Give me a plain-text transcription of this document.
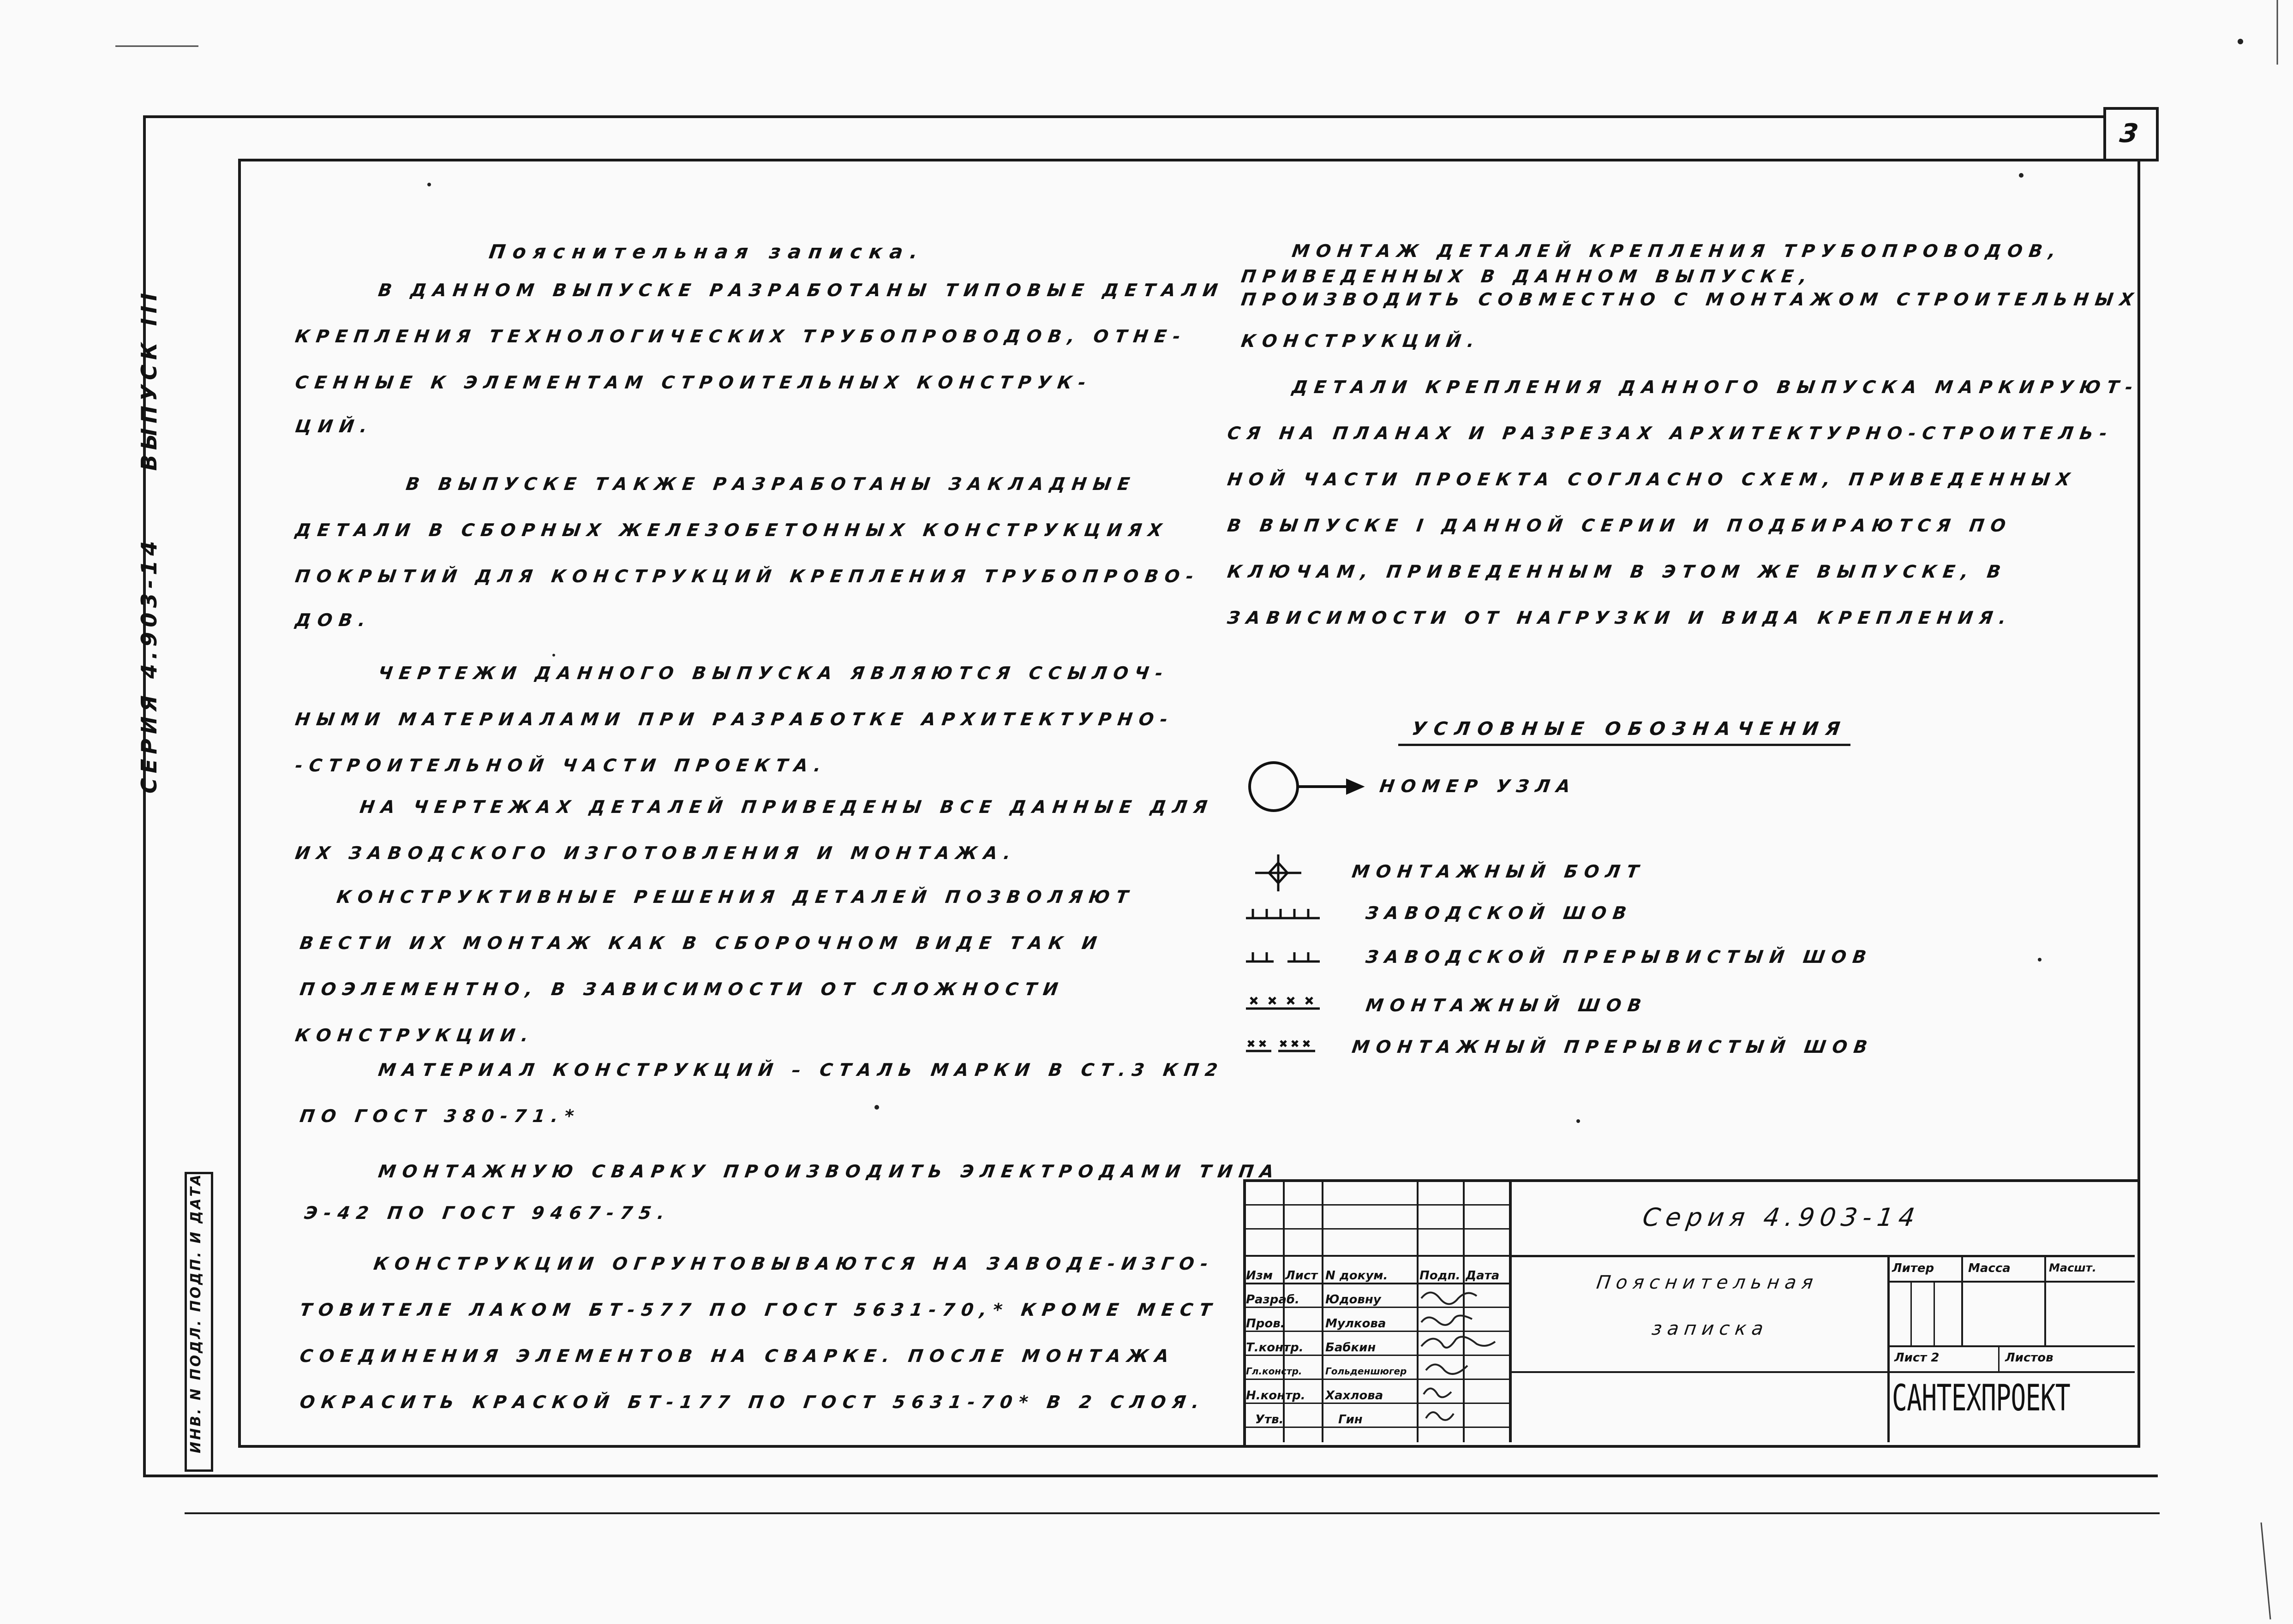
3
СЕРИЯ 4.903-14  ВЫПУСК III
ИНВ. N ПОДЛ. ПОДП. И ДАТА
Пояснительная записка.
В ДАННОМ ВЫПУСКЕ РАЗРАБОТАНЫ ТИПОВЫЕ ДЕТАЛИ
КРЕПЛЕНИЯ ТЕХНОЛОГИЧЕСКИХ ТРУБОПРОВОДОВ, ОТНЕ-
СЕННЫЕ К ЭЛЕМЕНТАМ СТРОИТЕЛЬНЫХ КОНСТРУК-
ЦИЙ.
В ВЫПУСКЕ ТАКЖЕ РАЗРАБОТАНЫ ЗАКЛАДНЫЕ
ДЕТАЛИ В СБОРНЫХ ЖЕЛЕЗОБЕТОННЫХ КОНСТРУКЦИЯХ
ПОКРЫТИЙ ДЛЯ КОНСТРУКЦИЙ КРЕПЛЕНИЯ ТРУБОПРОВО-
ДОВ.
ЧЕРТЕЖИ ДАННОГО ВЫПУСКА ЯВЛЯЮТСЯ ССЫЛОЧ-
НЫМИ МАТЕРИАЛАМИ ПРИ РАЗРАБОТКЕ АРХИТЕКТУРНО-
-СТРОИТЕЛЬНОЙ ЧАСТИ ПРОЕКТА.
НА ЧЕРТЕЖАХ ДЕТАЛЕЙ ПРИВЕДЕНЫ ВСЕ ДАННЫЕ ДЛЯ
ИХ ЗАВОДСКОГО ИЗГОТОВЛЕНИЯ И МОНТАЖА.
КОНСТРУКТИВНЫЕ РЕШЕНИЯ ДЕТАЛЕЙ ПОЗВОЛЯЮТ
ВЕСТИ ИХ МОНТАЖ КАК В СБОРОЧНОМ ВИДЕ ТАК И
ПОЭЛЕМЕНТНО, В ЗАВИСИМОСТИ ОТ СЛОЖНОСТИ
КОНСТРУКЦИИ.
МАТЕРИАЛ КОНСТРУКЦИЙ – СТАЛЬ МАРКИ В СТ.3 КП2
ПО ГОСТ 380-71.*
МОНТАЖНУЮ СВАРКУ ПРОИЗВОДИТЬ ЭЛЕКТРОДАМИ ТИПА
Э-42 ПО ГОСТ 9467-75.
КОНСТРУКЦИИ ОГРУНТОВЫВАЮТСЯ НА ЗАВОДЕ-ИЗГО-
ТОВИТЕЛЕ ЛАКОМ БТ-577 ПО ГОСТ 5631-70,* КРОМЕ МЕСТ
СОЕДИНЕНИЯ ЭЛЕМЕНТОВ НА СВАРКЕ. ПОСЛЕ МОНТАЖА
ОКРАСИТЬ КРАСКОЙ БТ-177 ПО ГОСТ 5631-70* В 2 СЛОЯ.
МОНТАЖ ДЕТАЛЕЙ КРЕПЛЕНИЯ ТРУБОПРОВОДОВ,
ПРИВЕДЕННЫХ В ДАННОМ ВЫПУСКЕ,
ПРОИЗВОДИТЬ СОВМЕСТНО С МОНТАЖОМ СТРОИТЕЛЬНЫХ
КОНСТРУКЦИЙ.
ДЕТАЛИ КРЕПЛЕНИЯ ДАННОГО ВЫПУСКА МАРКИРУЮТ-
СЯ НА ПЛАНАХ И РАЗРЕЗАХ АРХИТЕКТУРНО-СТРОИТЕЛЬ-
НОЙ ЧАСТИ ПРОЕКТА СОГЛАСНО СХЕМ, ПРИВЕДЕННЫХ
В ВЫПУСКЕ I ДАННОЙ СЕРИИ И ПОДБИРАЮТСЯ ПО
КЛЮЧАМ, ПРИВЕДЕННЫМ В ЭТОМ ЖЕ ВЫПУСКЕ, В
ЗАВИСИМОСТИ ОТ НАГРУЗКИ И ВИДА КРЕПЛЕНИЯ.
УСЛОВНЫЕ ОБОЗНАЧЕНИЯ
НОМЕР УЗЛА
МОНТАЖНЫЙ БОЛТ
ЗАВОДСКОЙ ШОВ
ЗАВОДСКОЙ ПРЕРЫВИСТЫЙ ШОВ
МОНТАЖНЫЙ ШОВ
МОНТАЖНЫЙ ПРЕРЫВИСТЫЙ ШОВ
Серия 4.903-14
Пояснительная
записка
Изм Лист N докум.	Подп. Дата
Разраб. Юдовну
Пров.	Мулкова
Т.контр. Бабкин
Гл.констр.	Гольденшюгер
Н.контр. Хахлова
Утв.	Гин
Литер	Масса	Масшт.
Лист 2	Листов
САНТЕХПРОЕКТ
